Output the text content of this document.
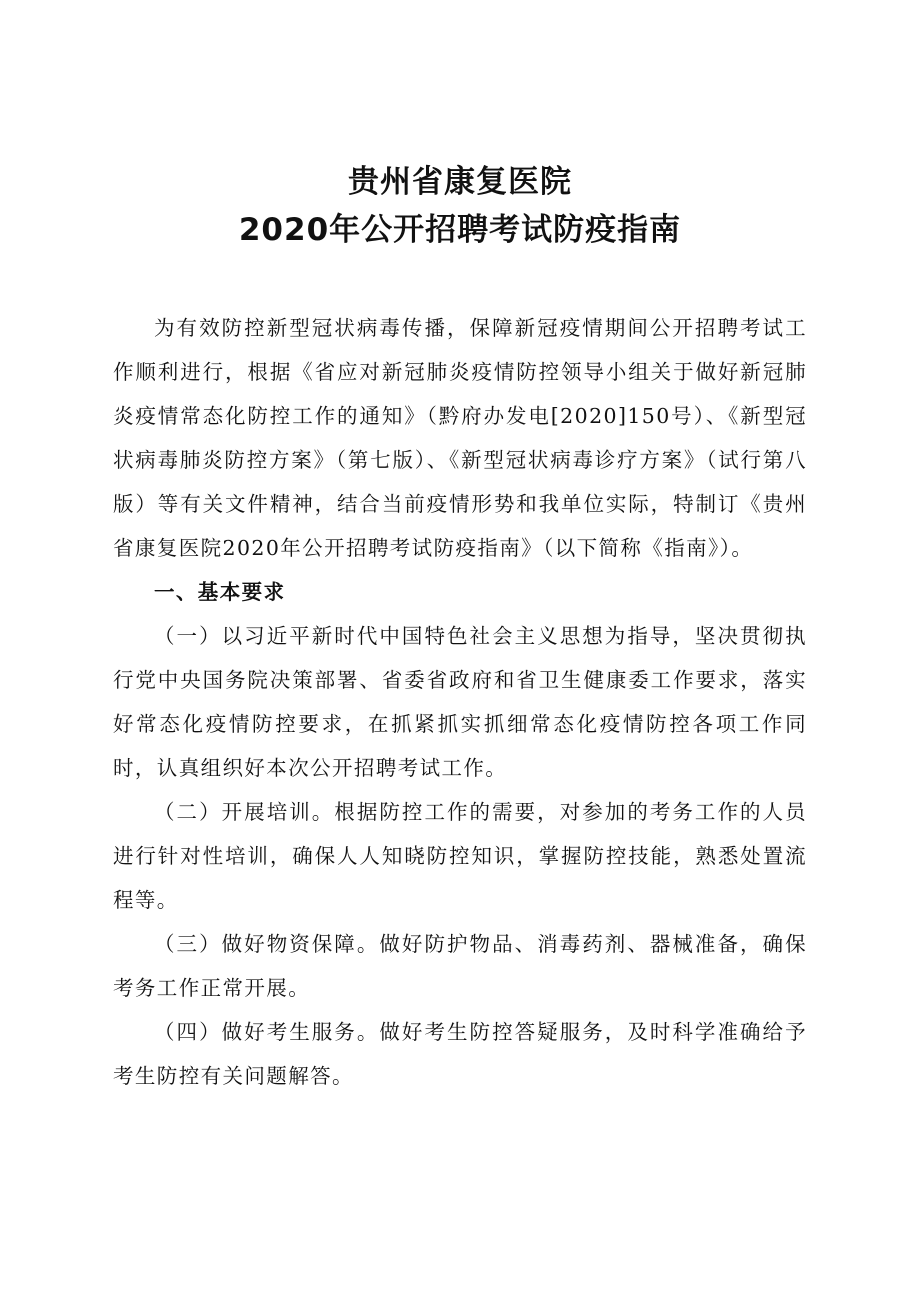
贵州省康复医院

2020年公开招聘考试防疫指南

为有效防控新型冠状病毒传播，保障新冠疫情期间公开招聘考试工作顺利进行，根据《省应对新冠肺炎疫情防控领导小组关于做好新冠肺炎疫情常态化防控工作的通知》（黔府办发电[2020]150号）、《新型冠状病毒肺炎防控方案》（第七版）、《新型冠状病毒诊疗方案》（试行第八版）等有关文件精神，结合当前疫情形势和我单位实际，特制订《贵州省康复医院2020年公开招聘考试防疫指南》（以下简称《指南》）。

一、基本要求

（一）以习近平新时代中国特色社会主义思想为指导，坚决贯彻执行党中央国务院决策部署、省委省政府和省卫生健康委工作要求，落实好常态化疫情防控要求，在抓紧抓实抓细常态化疫情防控各项工作同时，认真组织好本次公开招聘考试工作。

（二）开展培训。根据防控工作的需要，对参加的考务工作的人员进行针对性培训，确保人人知晓防控知识，掌握防控技能，熟悉处置流程等。

（三）做好物资保障。做好防护物品、消毒药剂、器械准备，确保考务工作正常开展。

（四）做好考生服务。做好考生防控答疑服务，及时科学准确给予考生防控有关问题解答。
